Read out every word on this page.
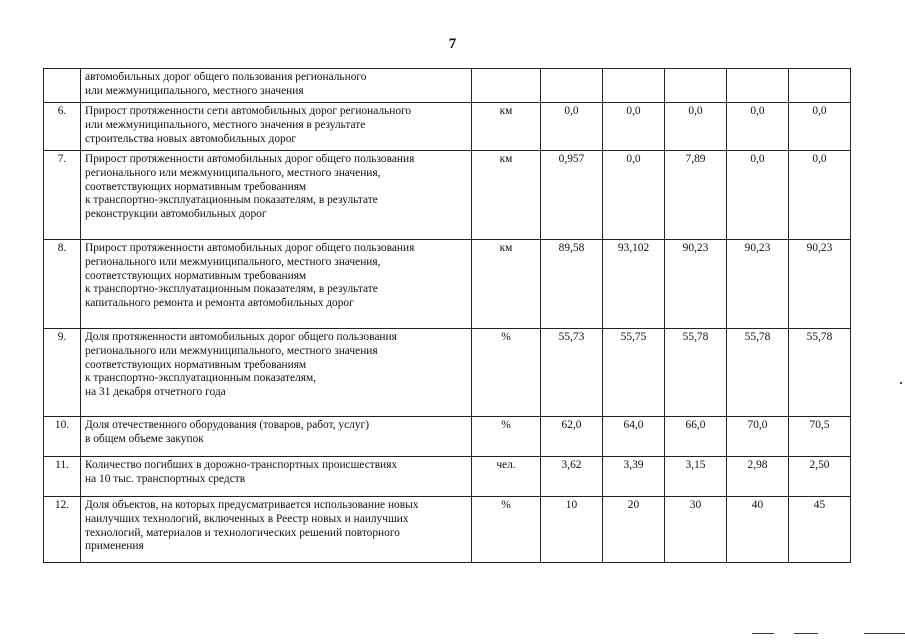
7

	автомобильных дорог общего пользования регионального
или межмуниципального, местного значения						

6.	Прирост протяженности сети автомобильных дорог регионального
или межмуниципального, местного значения в результате
строительства новых автомобильных дорог	км	0,0	0,0	0,0	0,0	0,0
7.	Прирост протяженности автомобильных дорог общего пользования
регионального или межмуниципального, местного значения,
соответствующих нормативным требованиям
к транспортно-эксплуатационным показателям, в результате
реконструкции автомобильных дорог	км	0,957	0,0	7,89	0,0	0,0
8.	Прирост протяженности автомобильных дорог общего пользования
регионального или межмуниципального, местного значения,
соответствующих нормативным требованиям
к транспортно-эксплуатационным показателям, в результате
капитального ремонта и ремонта автомобильных дорог	км	89,58	93,102	90,23	90,23	90,23
9.	Доля протяженности автомобильных дорог общего пользования
регионального или межмуниципального, местного значения
соответствующих нормативным требованиям
к транспортно-эксплуатационным показателям,
на 31 декабря отчетного года	%	55,73	55,75	55,78	55,78	55,78
10.	Доля отечественного оборудования (товаров, работ, услуг)
в общем объеме закупок	%	62,0	64,0	66,0	70,0	70,5
11.	Количество погибших в дорожно-транспортных происшествиях
на 10 тыс. транспортных средств	чел.	3,62	3,39	3,15	2,98	2,50
12.	Доля объектов, на которых предусматривается использование новых
наилучших технологий, включенных в Реестр новых и наилучших
технологий, материалов и технологических решений повторного
применения	%	10	20	30	40	45
